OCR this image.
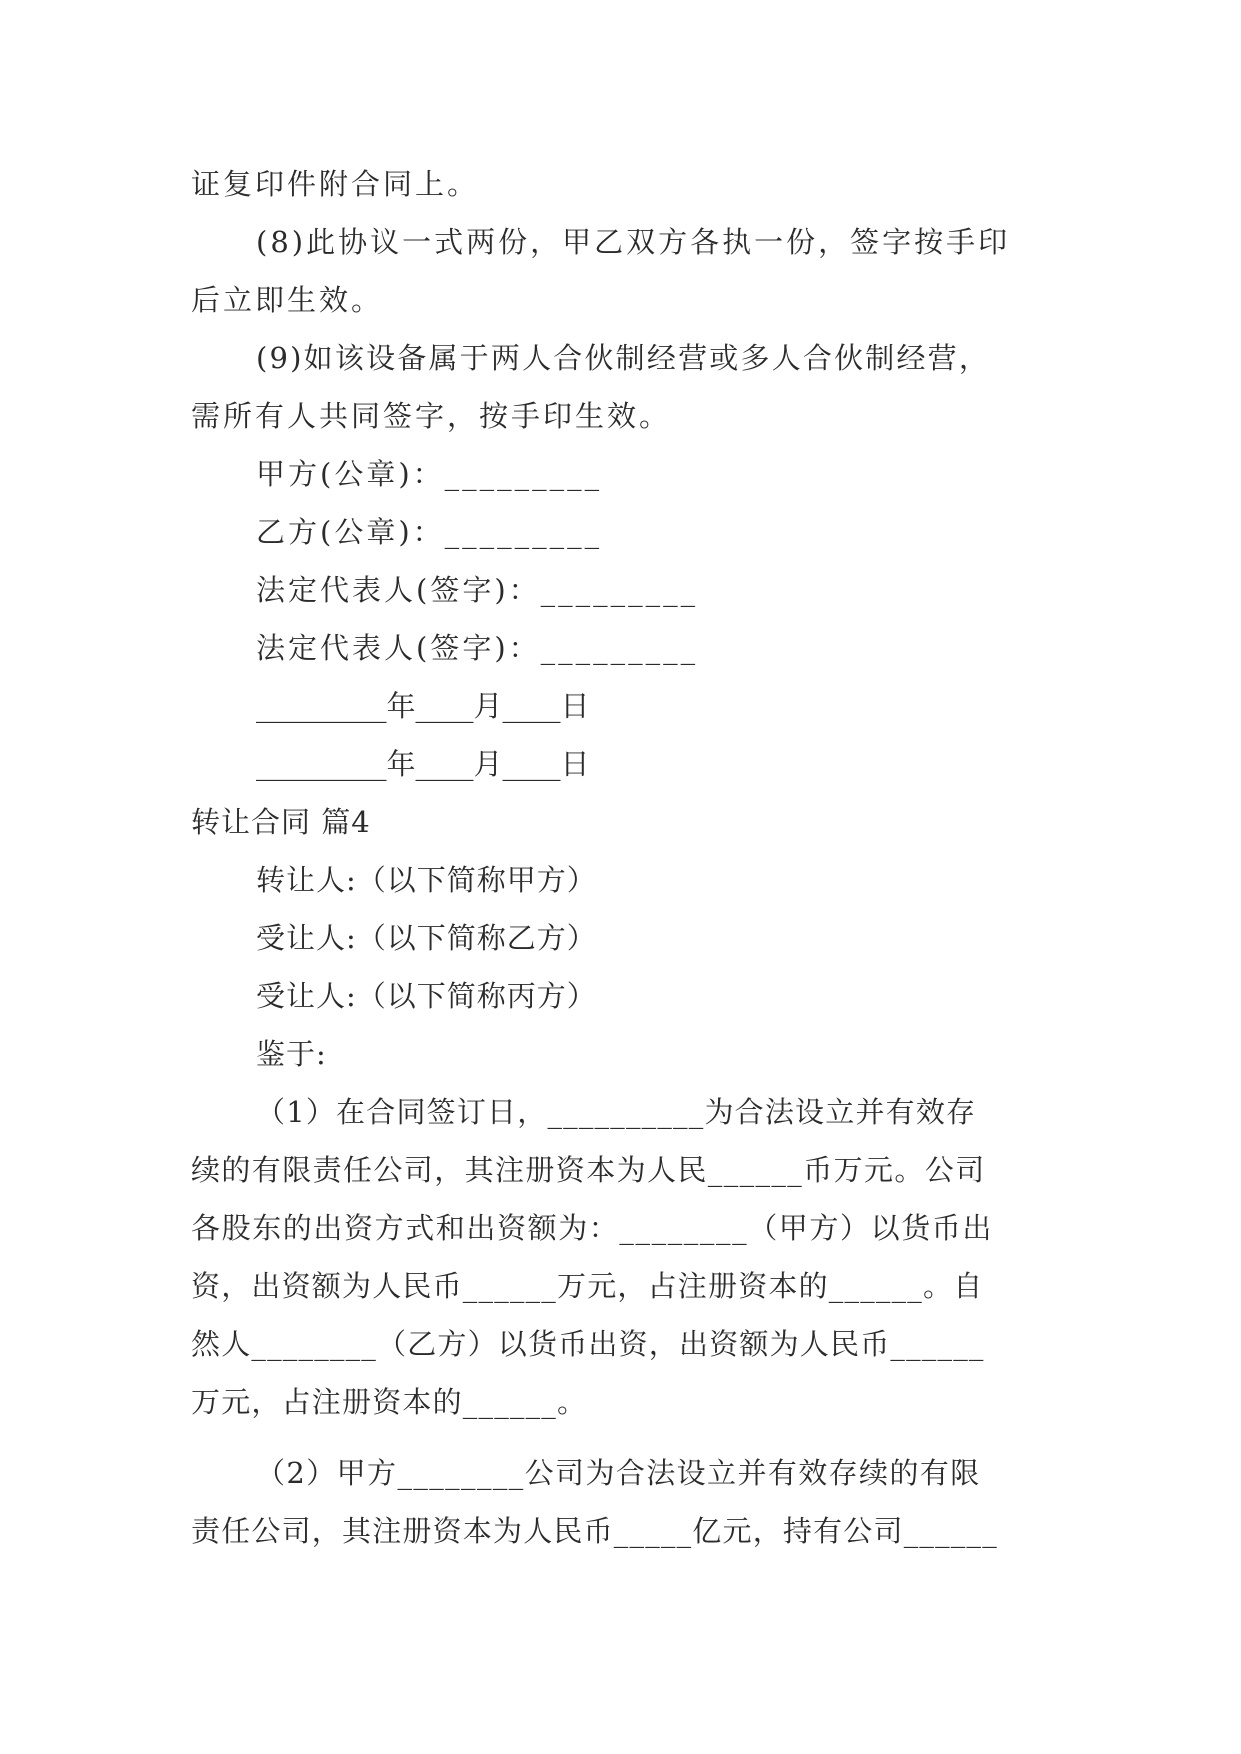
证复印件附合同上。
(8)此协议一式两份，甲乙双方各执一份，签字按手印
后立即生效。
(9)如该设备属于两人合伙制经营或多人合伙制经营，
需所有人共同签字，按手印生效。
甲方(公章)：_________
乙方(公章)：_________
法定代表人(签字)：_________
法定代表人(签字)：_________
_________年____月____日
_________年____月____日
转让合同 篇4
转让人:（以下简称甲方）
受让人:（以下简称乙方）
受让人:（以下简称丙方）
鉴于:
（1）在合同签订日，__________为合法设立并有效存
续的有限责任公司，其注册资本为人民______币万元。公司
各股东的出资方式和出资额为：________（甲方）以货币出
资，出资额为人民币______万元，占注册资本的______。自
然人________（乙方）以货币出资，出资额为人民币______
万元，占注册资本的______。
（2）甲方________公司为合法设立并有效存续的有限
责任公司，其注册资本为人民币_____亿元，持有公司______
